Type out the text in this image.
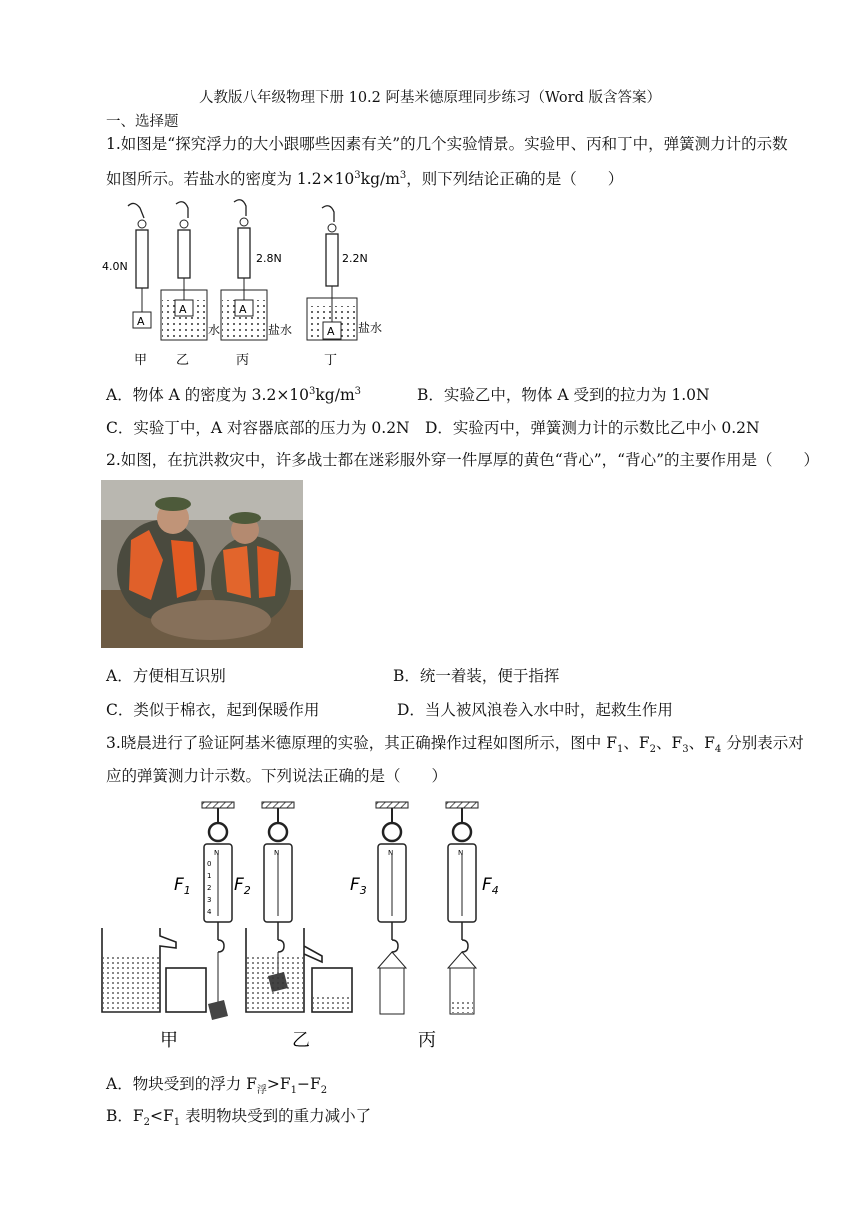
人教版八年级物理下册 10.2 阿基米德原理同步练习（Word 版含答案）
一、选择题
1.如图是“探究浮力的大小跟哪些因素有关”的几个实验情景。实验甲、丙和丁中，弹簧测力计的示数
如图所示。若盐水的密度为 $1.2\times 10^3kg/m^3$，则下列结论正确的是（　　）
A
4.0N
A
水
A
2.8N
盐水	A
2.2N
盐水
甲 乙	丙	丁
A．物体 A 的密度为 $3.2\times 10^3kg/m^3$	B．实验乙中，物体 A 受到的拉力为 1.0N
C．实验丁中，A 对容器底部的压力为 0.2N D．实验丙中，弹簧测力计的示数比乙中小 0.2N
2.如图，在抗洪救灾中，许多战士都在迷彩服外穿一件厚厚的黄色“背心”，“背心”的主要作用是（　　）
A．方便相互识别	B．统一着装，便于指挥
C．类似于棉衣，起到保暖作用	D．当人被风浪卷入水中时，起救生作用
3.晓晨进行了验证阿基米德原理的实验，其正确操作过程如图所示，图中 $F_1$、$F_2$、$F_3$、$F_4$ 分别表示对
应的弹簧测力计示数。下列说法正确的是（　　）
N
0
1
2
3
4
N	N	N
$F_1$	$F_2$	$F_3$	$F_4$
甲	乙	丙
A．物块受到的浮力 $F_浮>F_1-F_2$
B．$F_2<F_1$ 表明物块受到的重力减小了
